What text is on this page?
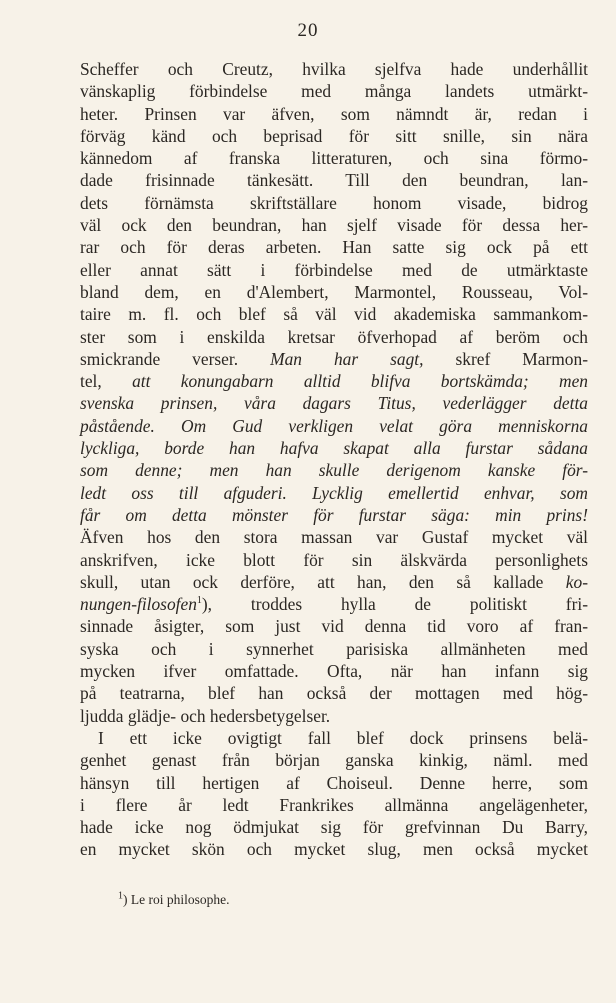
20
Scheffer och Creutz, hvilka sjelfva hade underhållit
vänskaplig förbindelse med många landets utmärkt-
heter. Prinsen var äfven, som nämndt är, redan i
förväg känd och beprisad för sitt snille, sin nära
kännedom af franska litteraturen, och sina förmo-
dade frisinnade tänkesätt. Till den beundran, lan-
dets förnämsta skriftställare honom visade, bidrog
väl ock den beundran, han sjelf visade för dessa her-
rar och för deras arbeten. Han satte sig ock på ett
eller annat sätt i förbindelse med de utmärktaste
bland dem, en d'Alembert, Marmontel, Rousseau, Vol-
taire m. fl. och blef så väl vid akademiska sammankom-
ster som i enskilda kretsar öfverhopad af beröm och
smickrande verser. Man har sagt, skref Marmon-
tel, att konungabarn alltid blifva bortskämda; men
svenska prinsen, våra dagars Titus, vederlägger detta
påstående. Om Gud verkligen velat göra menniskorna
lyckliga, borde han hafva skapat alla furstar sådana
som denne; men han skulle derigenom kanske för-
ledt oss till afguderi. Lycklig emellertid enhvar, som
får om detta mönster för furstar säga: min prins!
Äfven hos den stora massan var Gustaf mycket väl
anskrifven, icke blott för sin älskvärda personlighets
skull, utan ock derföre, att han, den så kallade ko-
nungen-filosofen$^1$), troddes hylla de politiskt fri-
sinnade åsigter, som just vid denna tid voro af fran-
syska och i synnerhet parisiska allmänheten med
mycken ifver omfattade. Ofta, när han infann sig
på teatrarna, blef han också der mottagen med hög-
ljudda glädje- och hedersbetygelser.
I ett icke ovigtigt fall blef dock prinsens belä-
genhet genast från början ganska kinkig, näml. med
hänsyn till hertigen af Choiseul. Denne herre, som
i flere år ledt Frankrikes allmänna angelägenheter,
hade icke nog ödmjukat sig för grefvinnan Du Barry,
en mycket skön och mycket slug, men också mycket
$^1$) Le roi philosophe.
